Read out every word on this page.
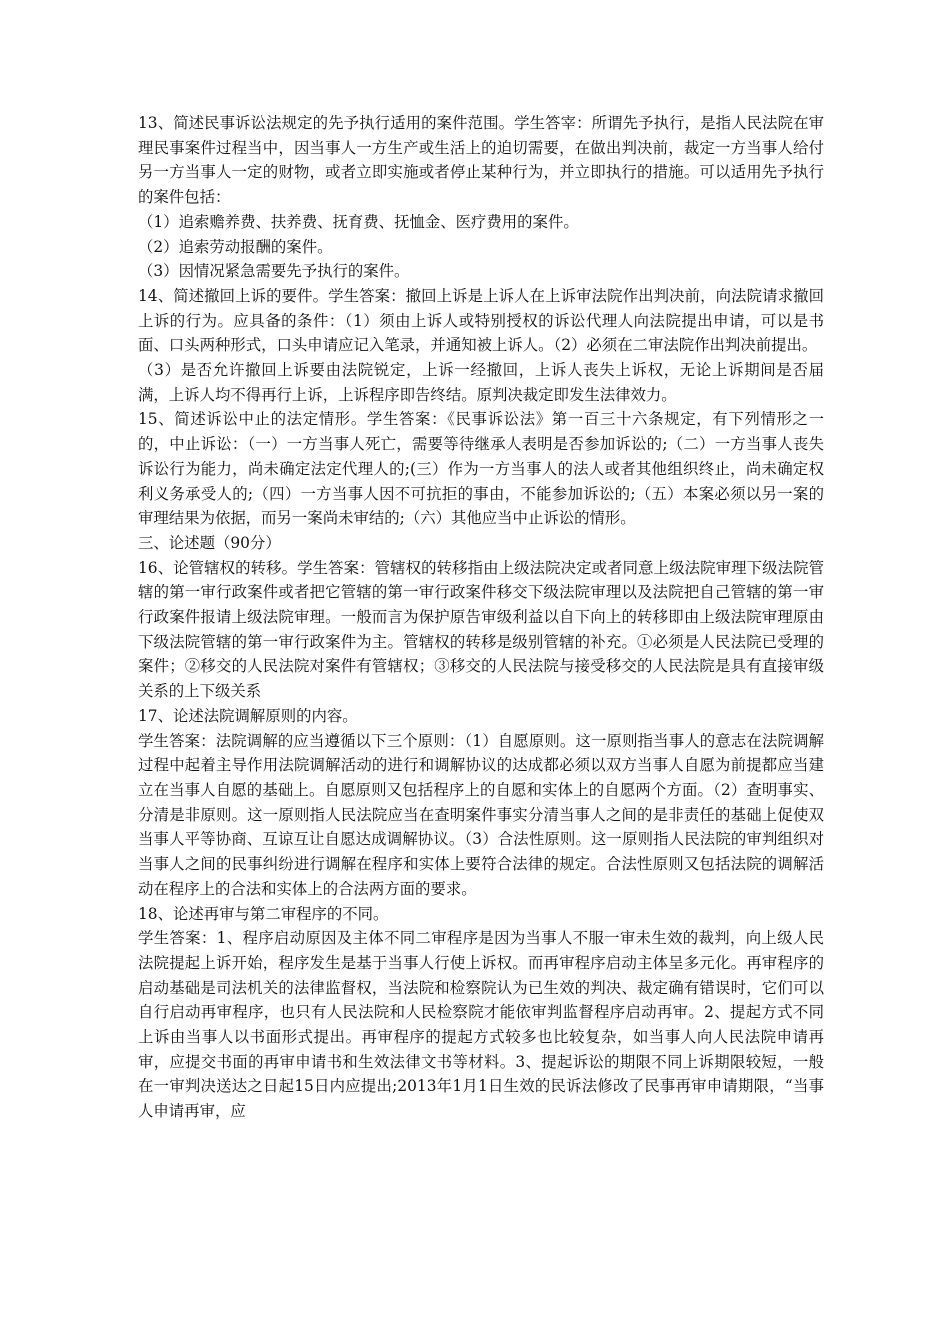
13、简述民事诉讼法规定的先予执行适用的案件范围。学生答宰：所谓先予执行，是指人民法院在审理民事案件过程当中，因当事人一方生产或生活上的迫切需要，在做出判决前，裁定一方当事人给付另一方当事人一定的财物，或者立即实施或者停止某种行为，并立即执行的措施。可以适用先予执行的案件包括：

（1）追索赡养费、扶养费、抚育费、抚恤金、医疗费用的案件。

（2）追索劳动报酬的案件。

（3）因情况紧急需要先予执行的案件。

14、简述撤回上诉的要件。学生答案：撤回上诉是上诉人在上诉审法院作出判决前，向法院请求撤回上诉的行为。应具备的条件：（1）须由上诉人或特别授权的诉讼代理人向法院提出申请，可以是书面、口头两种形式，口头申请应记入笔录，并通知被上诉人。（2）必须在二审法院作出判决前提出。

（3）是否允许撤回上诉要由法院锐定，上诉一经撤回，上诉人丧失上诉权，无论上诉期间是否届满，上诉人均不得再行上诉，上诉程序即告终结。原判决裁定即发生法律效力。

15、简述诉讼中止的法定情形。学生答案：《民事诉讼法》第一百三十六条规定，有下列情形之一的，中止诉讼：（一）一方当事人死亡，需要等待继承人表明是否参加诉讼的;（二）一方当事人丧失诉讼行为能力，尚未确定法定代理人的;(三）作为一方当事人的法人或者其他组织终止，尚未确定权利义务承受人的;（四）一方当事人因不可抗拒的事由，不能参加诉讼的;（五）本案必须以另一案的审理结果为依据，而另一案尚未审结的;（六）其他应当中止诉讼的情形。

三、论述题（90分）

16、论管辖权的转移。学生答案：管辖权的转移指由上级法院决定或者同意上级法院审理下级法院管辖的第一审行政案件或者把它管辖的第一审行政案件移交下级法院审理以及法院把自己管辖的第一审行政案件报请上级法院审理。一般而言为保护原告审级利益以自下向上的转移即由上级法院审理原由下级法院管辖的第一审行政案件为主。管辖权的转移是级别管辖的补充。①必须是人民法院已受理的案件；②移交的人民法院对案件有管辖权；③移交的人民法院与接受移交的人民法院是具有直接审级关系的上下级关系

17、论述法院调解原则的内容。

学生答案：法院调解的应当遵循以下三个原则：（1）自愿原则。这一原则指当事人的意志在法院调解过程中起着主导作用法院调解活动的进行和调解协议的达成都必须以双方当事人自愿为前提都应当建立在当事人自愿的基础上。自愿原则又包括程序上的自愿和实体上的自愿两个方面。（2）查明事实、分清是非原则。这一原则指人民法院应当在查明案件事实分清当事人之间的是非责任的基础上促使双当事人平等协商、互谅互让自愿达成调解协议。（3）合法性原则。这一原则指人民法院的审判组织对当事人之间的民事纠纷进行调解在程序和实体上要符合法律的规定。合法性原则又包括法院的调解活动在程序上的合法和实体上的合法两方面的要求。

18、论述再审与第二审程序的不同。

学生答案：1、程序启动原因及主体不同二审程序是因为当事人不服一审未生效的裁判，向上级人民法院提起上诉开始，程序发生是基于当事人行使上诉权。而再审程序启动主体呈多元化。再审程序的启动基础是司法机关的法律监督权，当法院和检察院认为已生效的判决、裁定确有错误时，它们可以自行启动再审程序，也只有人民法院和人民检察院才能依审判监督程序启动再审。2、提起方式不同上诉由当事人以书面形式提出。再审程序的提起方式较多也比较复杂，如当事人向人民法院申请再审，应提交书面的再审申请书和生效法律文书等材料。3、提起诉讼的期限不同上诉期限较短，一般在一审判决送达之日起15日内应提出;2013年1月1日生效的民诉法修改了民事再审申请期限，“当事人申请再审，应
